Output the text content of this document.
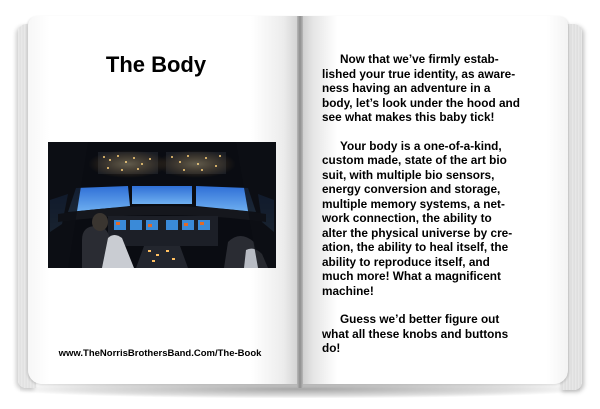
The Body
www.TheNorrisBrothersBand.Com/The-Book

Now that we’ve firmly estab-
lished your true identity, as aware-
ness having an adventure in a
body, let’s look under the hood and
see what makes this baby tick!

Your body is a one-of-a-kind,
custom made, state of the art bio
suit, with multiple bio sensors,
energy conversion and storage,
multiple memory systems, a net-
work connection, the ability to
alter the physical universe by cre-
ation, the ability to heal itself, the
ability to reproduce itself, and
much more! What a magnificent
machine!

Guess we’d better figure out
what all these knobs and buttons
do!
